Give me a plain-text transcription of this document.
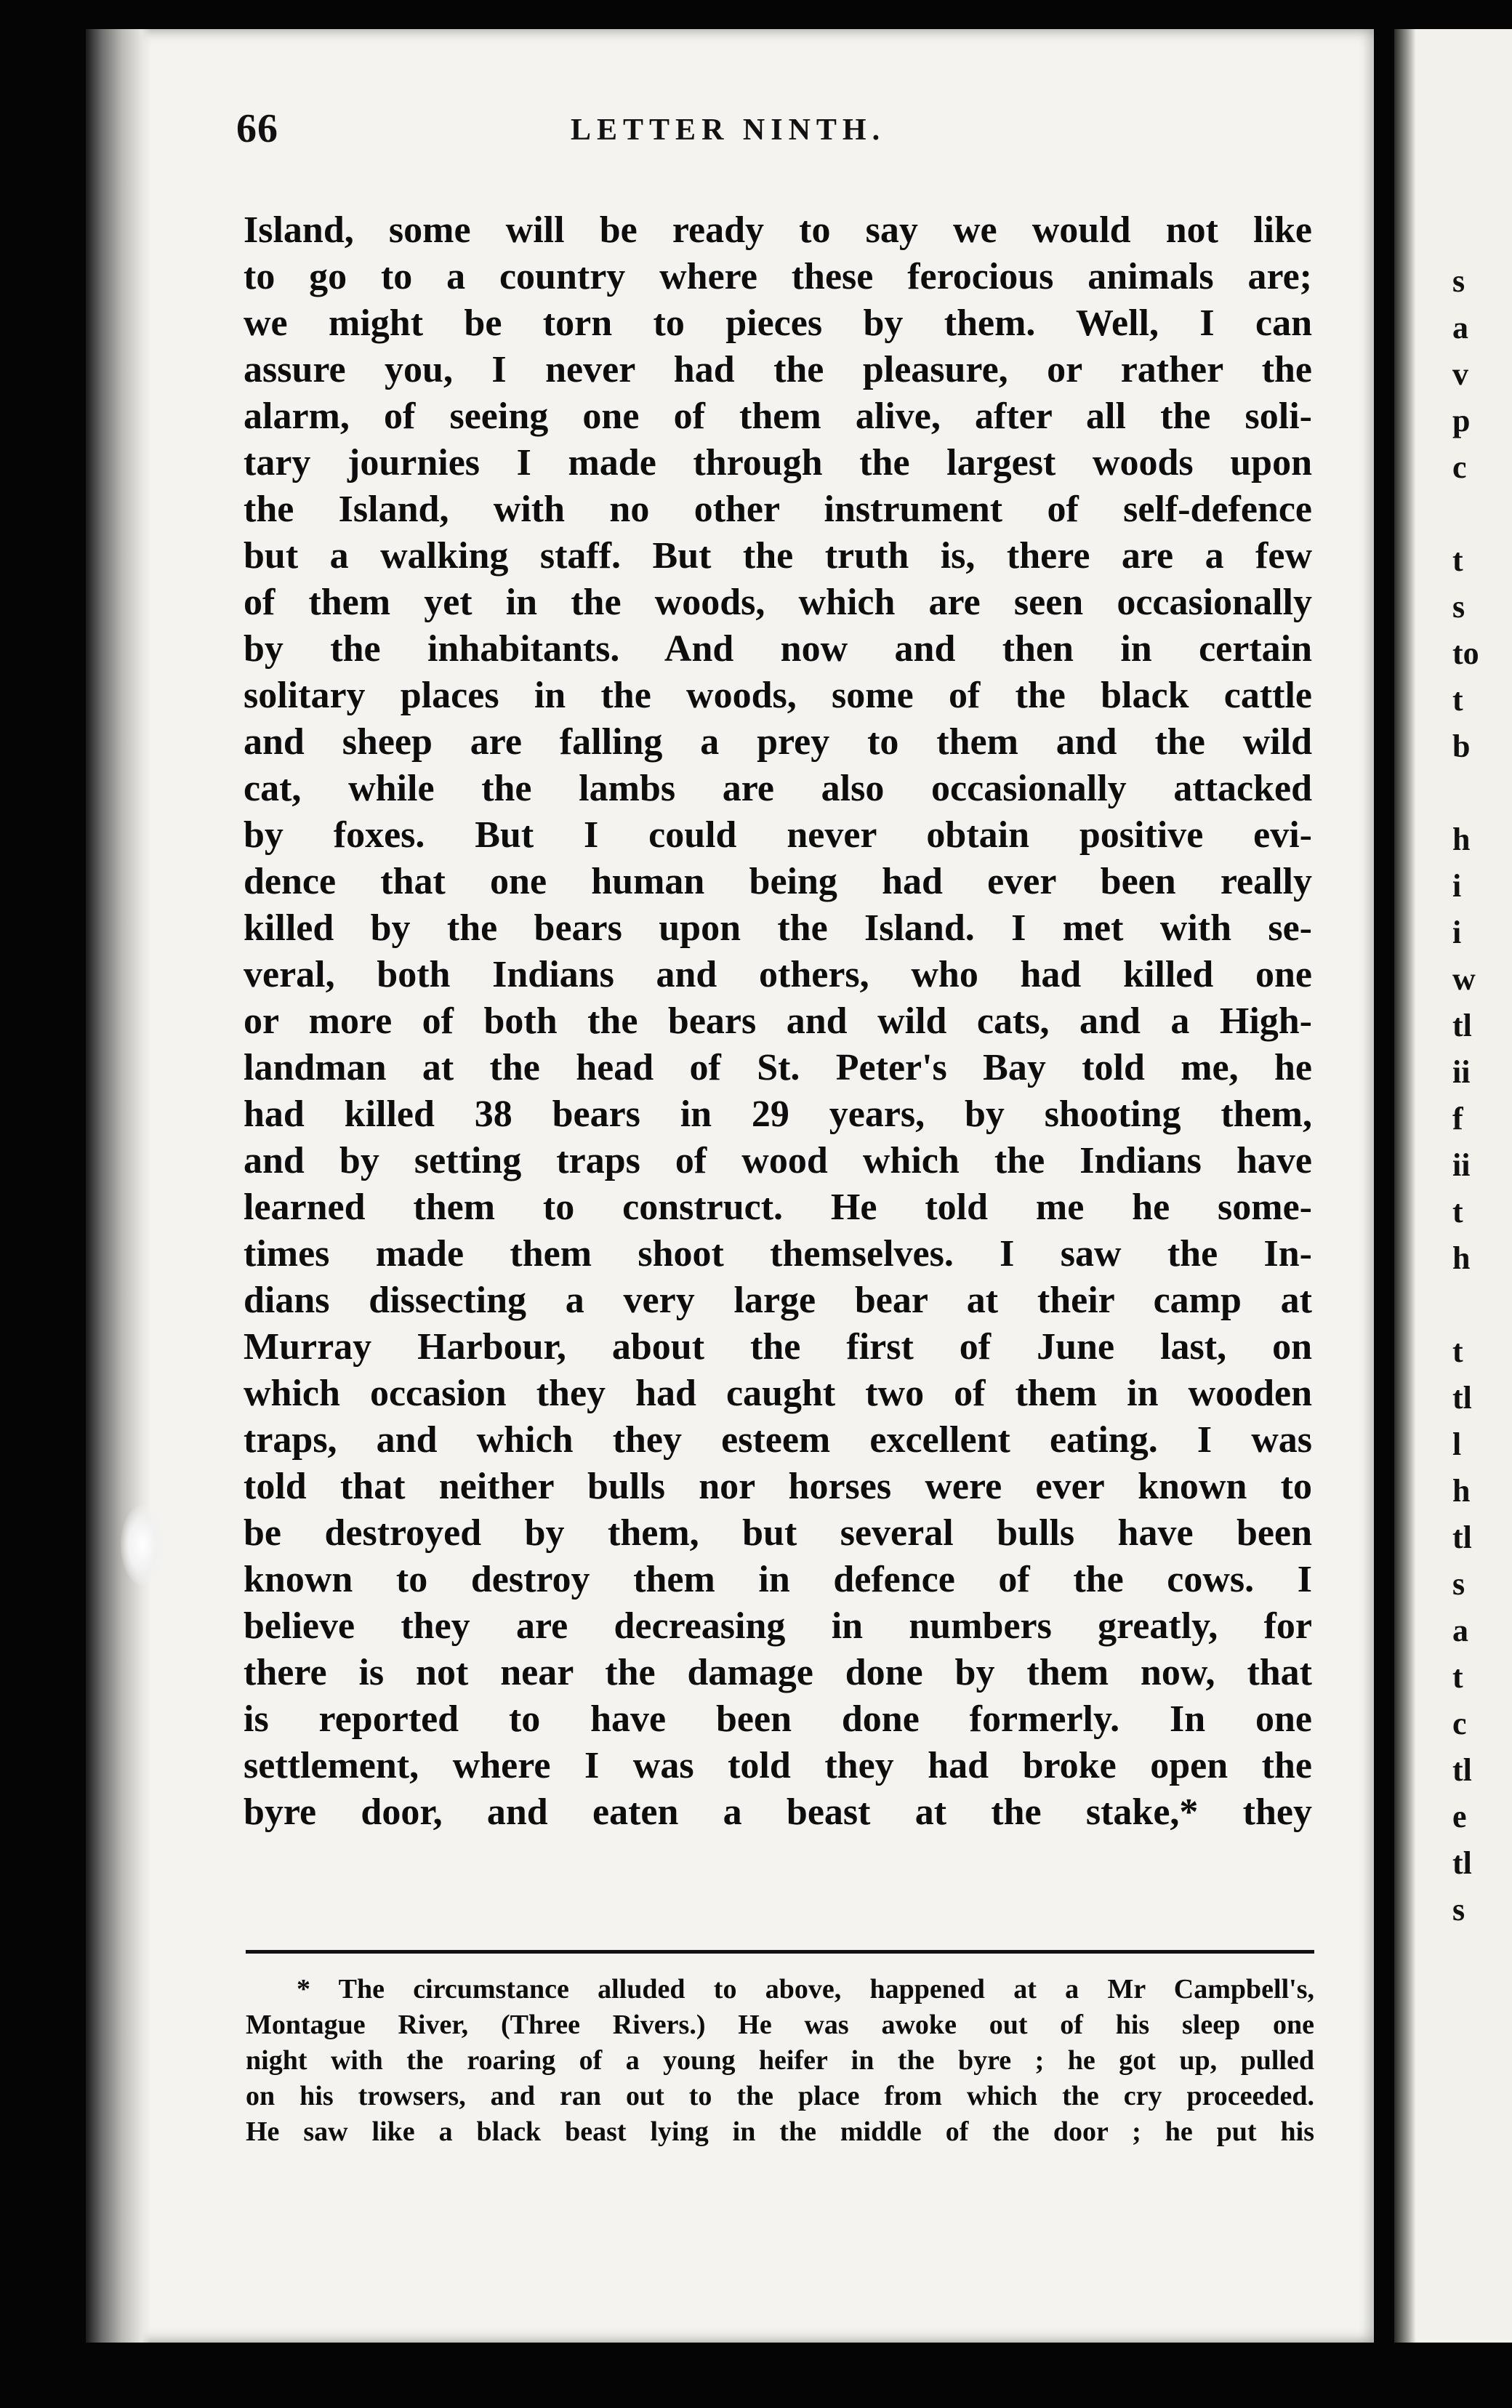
s
a
v
p
c
t
s
to
t
b
h
i
i
w
tl
ii
f
ii
t
h
t
tl
l
h
tl
s
a
t
c
tl
e
tl
s
66	LETTER NINTH.
Island, some will be ready to say we would not like
to go to a country where these ferocious animals are;
we might be torn to pieces by them. Well, I can
assure you, I never had the pleasure, or rather the
alarm, of seeing one of them alive, after all the soli-
tary journies I made through the largest woods upon
the Island, with no other instrument of self-defence
but a walking staff. But the truth is, there are a few
of them yet in the woods, which are seen occasionally
by the inhabitants. And now and then in certain
solitary places in the woods, some of the black cattle
and sheep are falling a prey to them and the wild
cat, while the lambs are also occasionally attacked
by foxes. But I could never obtain positive evi-
dence that one human being had ever been really
killed by the bears upon the Island. I met with se-
veral, both Indians and others, who had killed one
or more of both the bears and wild cats, and a High-
landman at the head of St. Peter's Bay told me, he
had killed 38 bears in 29 years, by shooting them,
and by setting traps of wood which the Indians have
learned them to construct. He told me he some-
times made them shoot themselves. I saw the In-
dians dissecting a very large bear at their camp at
Murray Harbour, about the first of June last, on
which occasion they had caught two of them in wooden
traps, and which they esteem excellent eating. I was
told that neither bulls nor horses were ever known to
be destroyed by them, but several bulls have been
known to destroy them in defence of the cows. I
believe they are decreasing in numbers greatly, for
there is not near the damage done by them now, that
is reported to have been done formerly. In one
settlement, where I was told they had broke open the
byre door, and eaten a beast at the stake,* they
* The circumstance alluded to above, happened at a Mr Campbell's,
Montague River, (Three Rivers.) He was awoke out of his sleep one
night with the roaring of a young heifer in the byre ; he got up, pulled
on his trowsers, and ran out to the place from which the cry proceeded.
He saw like a black beast lying in the middle of the door ; he put his
